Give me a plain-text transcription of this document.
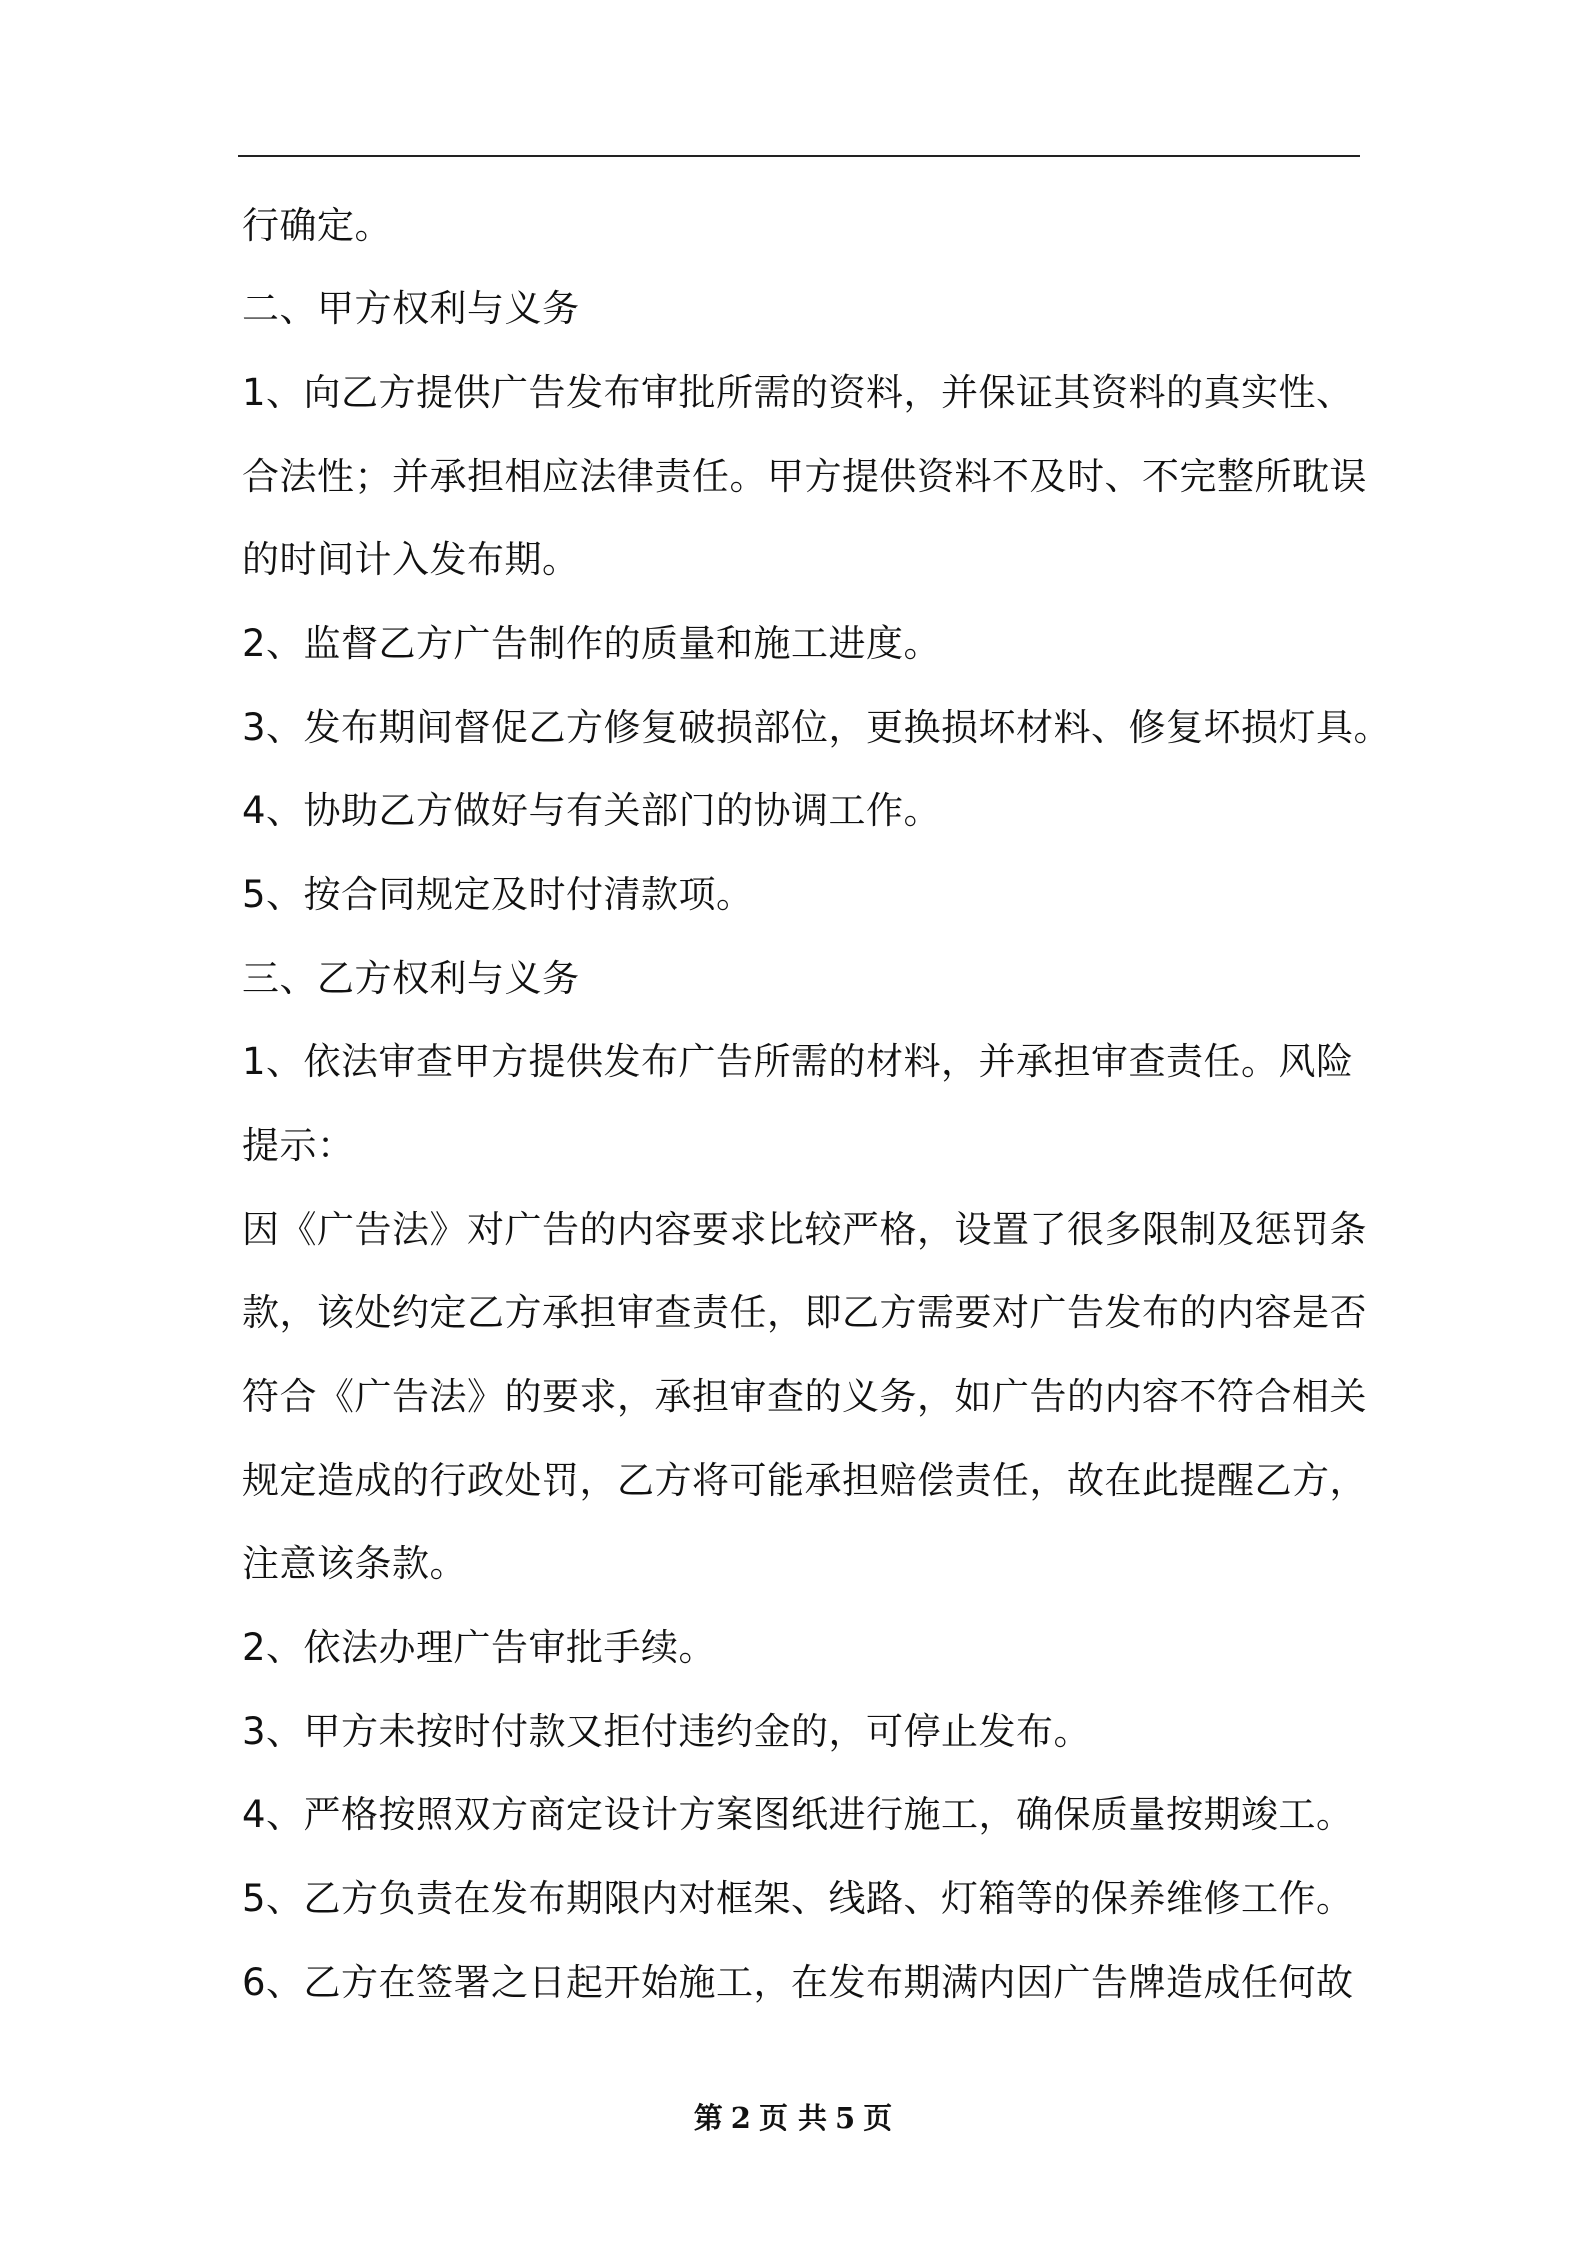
行确定。
二、甲方权利与义务
1、向乙方提供广告发布审批所需的资料，并保证其资料的真实性、
合法性；并承担相应法律责任。甲方提供资料不及时、不完整所耽误
的时间计入发布期。
2、监督乙方广告制作的质量和施工进度。
3、发布期间督促乙方修复破损部位，更换损坏材料、修复坏损灯具。
4、协助乙方做好与有关部门的协调工作。
5、按合同规定及时付清款项。
三、乙方权利与义务
1、依法审查甲方提供发布广告所需的材料，并承担审查责任。风险
提示：
因《广告法》对广告的内容要求比较严格，设置了很多限制及惩罚条
款，该处约定乙方承担审查责任，即乙方需要对广告发布的内容是否
符合《广告法》的要求，承担审查的义务，如广告的内容不符合相关
规定造成的行政处罚，乙方将可能承担赔偿责任，故在此提醒乙方，
注意该条款。
2、依法办理广告审批手续。
3、甲方未按时付款又拒付违约金的，可停止发布。
4、严格按照双方商定设计方案图纸进行施工，确保质量按期竣工。
5、乙方负责在发布期限内对框架、线路、灯箱等的保养维修工作。
6、乙方在签署之日起开始施工，在发布期满内因广告牌造成任何故
第 2 页 共 5 页
